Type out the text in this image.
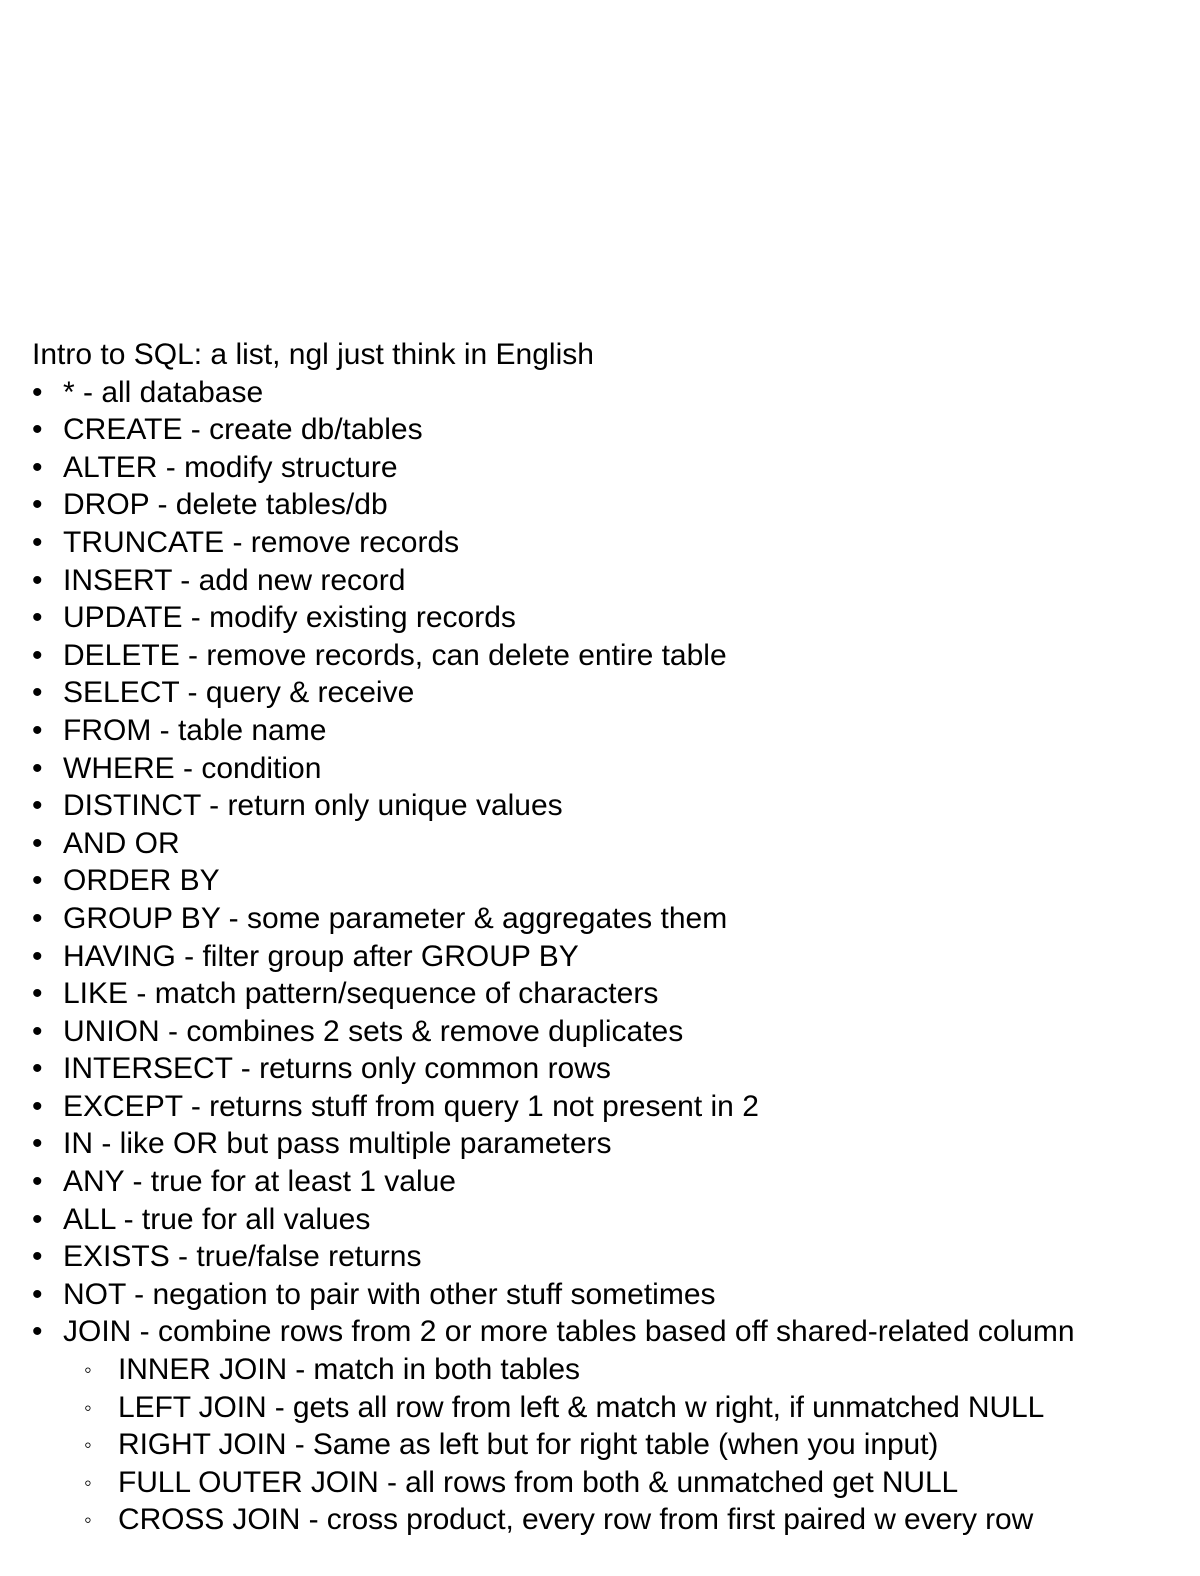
Intro to SQL: a list, ngl just think in English
• * - all database
• CREATE - create db/tables
• ALTER - modify structure
• DROP - delete tables/db
• TRUNCATE - remove records
• INSERT - add new record
• UPDATE - modify existing records
• DELETE - remove records, can delete entire table
• SELECT - query & receive
• FROM - table name
• WHERE - condition
• DISTINCT - return only unique values
• AND OR
• ORDER BY
• GROUP BY - some parameter & aggregates them
• HAVING - filter group after GROUP BY
• LIKE - match pattern/sequence of characters
• UNION - combines 2 sets & remove duplicates
• INTERSECT - returns only common rows
• EXCEPT - returns stuff from query 1 not present in 2
• IN - like OR but pass multiple parameters
• ANY - true for at least 1 value
• ALL - true for all values
• EXISTS - true/false returns
• NOT - negation to pair with other stuff sometimes
• JOIN - combine rows from 2 or more tables based off shared-related column
◦ INNER JOIN - match in both tables
◦ LEFT JOIN - gets all row from left & match w right, if unmatched NULL
◦ RIGHT JOIN - Same as left but for right table (when you input)
◦ FULL OUTER JOIN - all rows from both & unmatched get NULL
◦ CROSS JOIN - cross product, every row from first paired w every row
